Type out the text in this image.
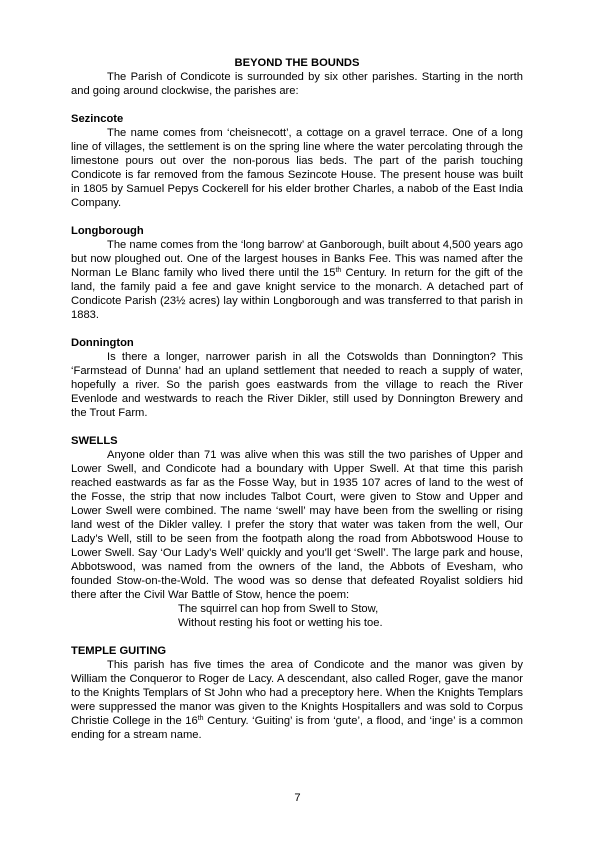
BEYOND THE BOUNDS

The Parish of Condicote is surrounded by six other parishes. Starting in the north and going around clockwise, the parishes are:

Sezincote

The name comes from ‘cheisnecott’, a cottage on a gravel terrace. One of a long line of villages, the settlement is on the spring line where the water percolating through the limestone pours out over the non-porous lias beds. The part of the parish touching Condicote is far removed from the famous Sezincote House. The present house was built in 1805 by Samuel Pepys Cockerell for his elder brother Charles, a nabob of the East India Company.

Longborough

The name comes from the ‘long barrow’ at Ganborough, built about 4,500 years ago but now ploughed out. One of the largest houses in Banks Fee. This was named after the Norman Le Blanc family who lived there until the 15th Century. In return for the gift of the land, the family paid a fee and gave knight service to the monarch. A detached part of Condicote Parish (23½ acres) lay within Longborough and was transferred to that parish in 1883.

Donnington

Is there a longer, narrower parish in all the Cotswolds than Donnington? This ‘Farmstead of Dunna’ had an upland settlement that needed to reach a supply of water, hopefully a river. So the parish goes eastwards from the village to reach the River Evenlode and westwards to reach the River Dikler, still used by Donnington Brewery and the Trout Farm.

SWELLS

Anyone older than 71 was alive when this was still the two parishes of Upper and Lower Swell, and Condicote had a boundary with Upper Swell. At that time this parish reached eastwards as far as the Fosse Way, but in 1935 107 acres of land to the west of the Fosse, the strip that now includes Talbot Court, were given to Stow and Upper and Lower Swell were combined. The name ‘swell’ may have been from the swelling or rising land west of the Dikler valley. I prefer the story that water was taken from the well, Our Lady’s Well, still to be seen from the footpath along the road from Abbotswood House to Lower Swell. Say ‘Our Lady’s Well’ quickly and you’ll get ‘Swell’. The large park and house, Abbotswood, was named from the owners of the land, the Abbots of Evesham, who founded Stow-on-the-Wold. The wood was so dense that defeated Royalist soldiers hid there after the Civil War Battle of Stow, hence the poem:

The squirrel can hop from Swell to Stow,
Without resting his foot or wetting his toe.

TEMPLE GUITING

This parish has five times the area of Condicote and the manor was given by William the Conqueror to Roger de Lacy. A descendant, also called Roger, gave the manor to the Knights Templars of St John who had a preceptory here. When the Knights Templars were suppressed the manor was given to the Knights Hospitallers and was sold to Corpus Christie College in the 16th Century. ‘Guiting’ is from ‘gute’, a flood, and ‘inge’ is a common ending for a stream name.

7
